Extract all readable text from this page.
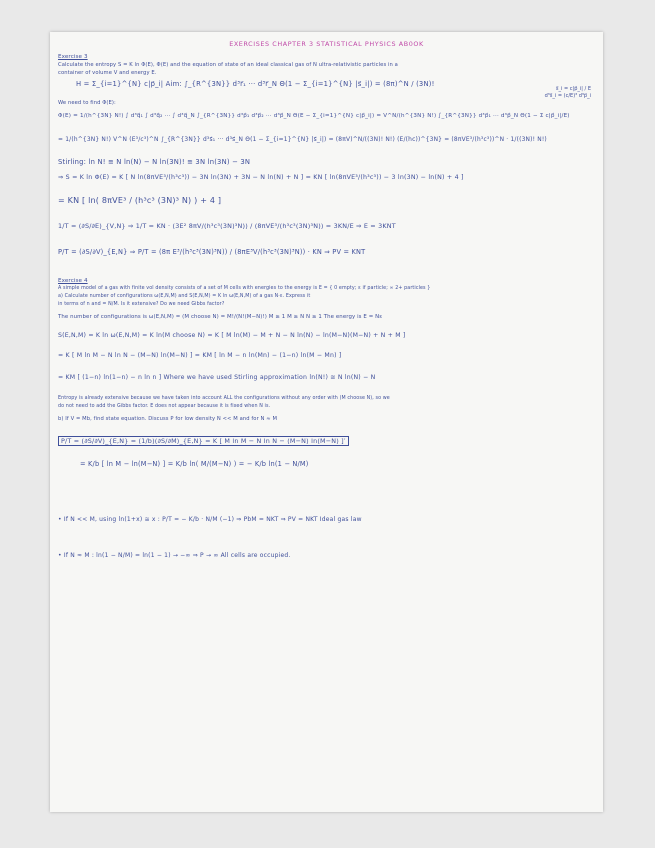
EXERCISES CHAPTER 3 STATISTICAL PHYSICS AB0OK
Exercise 3
Calculate the entropy S = K ln Φ(E), Φ(E) and the equation of state of an ideal classical gas of N ultra-relativistic particles in a
container of volume V and energy E.
H = Σ_{i=1}^{N} c|p⃗_i| Aim: ∫_{R^{3N}} d³r⃗₁ ··· d³r⃗_N Θ(1 − Σ_{i=1}^{N} |s⃗_i|) = (8π)^N / (3N)!
s⃗_i = c|p⃗_i| / E
d³s⃗_i = (c/E)³ d³p⃗_i
We need to find Φ(E):
Φ(E) = 1/(h^{3N} N!) ∫ d³q⃗₁ ∫ d³q⃗₂ ··· ∫ d³q⃗_N ∫_{R^{3N}} d³p⃗₁ d³p⃗₂ ··· d³p⃗_N Θ(E − Σ_{i=1}^{N} c|p⃗_i|) = V^N/(h^{3N} N!) ∫_{R^{3N}} d³p⃗₁ ··· d³p⃗_N Θ(1 − Σ c|p⃗_i|/E)
= 1/(h^{3N} N!) V^N (E³/c³)^N ∫_{R^{3N}} d³s⃗₁ ··· d³s⃗_N Θ(1 − Σ_{i=1}^{N} |s⃗_i|) = (8πV)^N/((3N)! N!) (E/(hc))^{3N} = (8πVE³/(h³c³))^N · 1/((3N)! N!)
Stirling: ln N! ≅ N ln(N) − N ln(3N)! ≅ 3N ln(3N) − 3N
⇒ S = K ln Φ(E) = K [ N ln(8πVE³/(h³c³)) − 3N ln(3N) + 3N − N ln(N) + N ] = KN [ ln(8πVE³/(h³c³)) − 3 ln(3N) − ln(N) + 4 ]
= KN [ ln( 8πVE³ / (h³c³ (3N)³ N) ) + 4 ]
1/T = (∂S/∂E)_{V,N} ⇒ 1/T = KN · (3E² 8πV/(h³c³(3N)³N)) / (8πVE³/(h³c³(3N)³N)) = 3KN/E ⇒ E = 3KNT
P/T = (∂S/∂V)_{E,N} ⇒ P/T = (8π E³/(h³c³(3N)³N)) / (8πE³V/(h³c³(3N)³N)) · KN ⇒ PV = KNT
Exercise 4
A simple model of a gas with finite vol density consists of a set of M cells with energies to the energy is E = { 0 empty; ε if particle; ∞ 2+ particles }
a) Calculate number of configurations ω(E,N,M) and S(E,N,M) = K ln ω(E,N,M) of a gas N·ε. Express it
in terms of n and = N/M. Is it extensive? Do we need Gibbs factor?
The number of configurations is ω(E,N,M) = (M choose N) = M!/(N!(M−N)!) M ≥ 1 M ≥ N N ≥ 1 The energy is E = Nε
S(E,N,M) = K ln ω(E,N,M) = K ln(M choose N) = K [ M ln(M) − M + N − N ln(N) − ln(M−N)(M−N) + N + M ]
= K [ M ln M − N ln N − (M−N) ln(M−N) ] = KM [ ln M − n ln(Mn) − (1−n) ln(M − Mn) ]
= KM [ (1−n) ln(1−n) − n ln n ] Where we have used Stirling approximation ln(N!) ≅ N ln(N) − N
Entropy is already extensive because we have taken into account ALL the configurations without any order with (M choose N), so we
do not need to add the Gibbs factor. E does not appear because it is fixed when N is.
b) If V = Mb, find state equation. Discuss P for low density N << M and for N ≈ M
P/T = (∂S/∂V)_{E,N} = (1/b)(∂S/∂M)_{E,N} = K [ M ln M − N ln N − (M−N) ln(M−N) ]′
= K/b [ ln M − ln(M−N) ] = K/b ln( M/(M−N) ) = − K/b ln(1 − N/M)
• If N << M, using ln(1+x) ≅ x : P/T = − K/b · N/M (−1) ⇒ PbM = NKT ⇒ PV = NKT Ideal gas law
• If N ≈ M : ln(1 − N/M) = ln(1 − 1) → −∞ ⇒ P → ∞ All cells are occupied.
